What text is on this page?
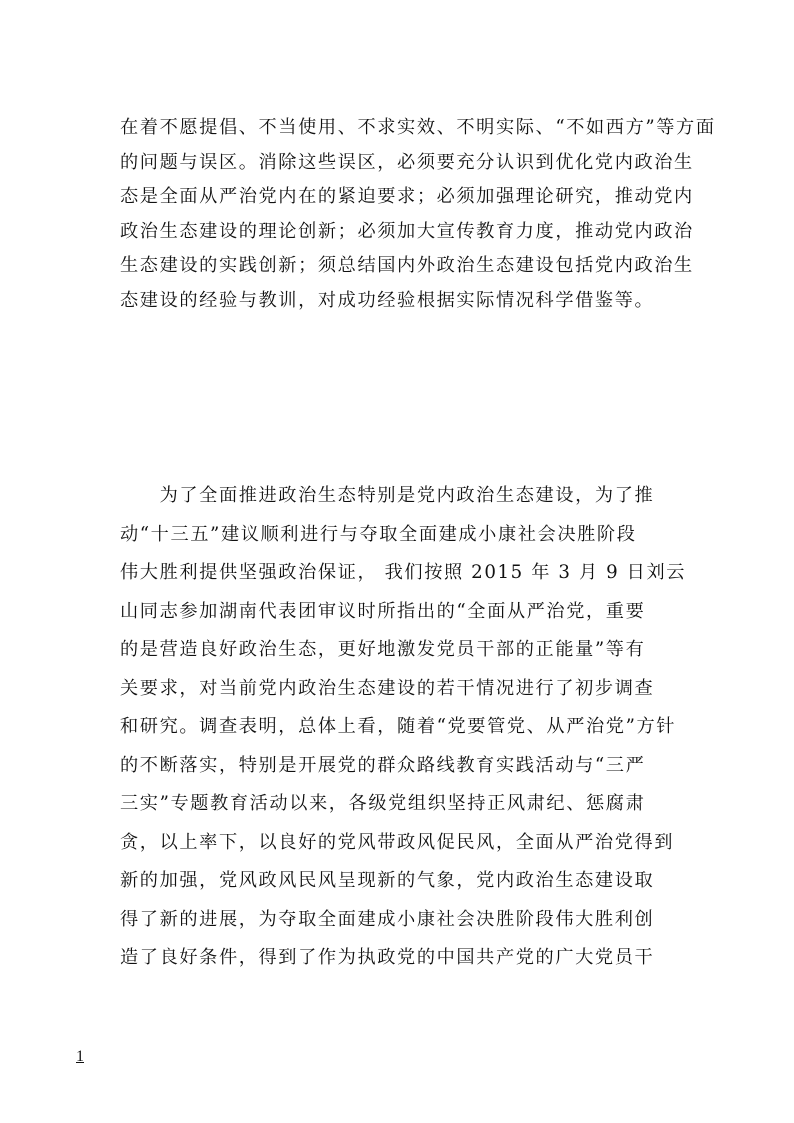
在着不愿提倡、不当使用、不求实效、不明实际、“不如西方”等方面

的问题与误区。消除这些误区，必须要充分认识到优化党内政治生

态是全面从严治党内在的紧迫要求；必须加强理论研究，推动党内

政治生态建设的理论创新；必须加大宣传教育力度，推动党内政治

生态建设的实践创新；须总结国内外政治生态建设包括党内政治生

态建设的经验与教训，对成功经验根据实际情况科学借鉴等。

　　为了全面推进政治生态特别是党内政治生态建设，为了推

动“十三五”建议顺利进行与夺取全面建成小康社会决胜阶段

伟大胜利提供坚强政治保证， 我们按照 2015 年 3 月 9 日刘云

山同志参加湖南代表团审议时所指出的“全面从严治党，重要

的是营造良好政治生态，更好地激发党员干部的正能量”等有

关要求，对当前党内政治生态建设的若干情况进行了初步调查

和研究。调查表明，总体上看，随着“党要管党、从严治党”方针

的不断落实，特别是开展党的群众路线教育实践活动与“三严

三实”专题教育活动以来，各级党组织坚持正风肃纪、惩腐肃

贪，以上率下，以良好的党风带政风促民风，全面从严治党得到

新的加强，党风政风民风呈现新的气象，党内政治生态建设取

得了新的进展，为夺取全面建成小康社会决胜阶段伟大胜利创

造了良好条件，得到了作为执政党的中国共产党的广大党员干

1
